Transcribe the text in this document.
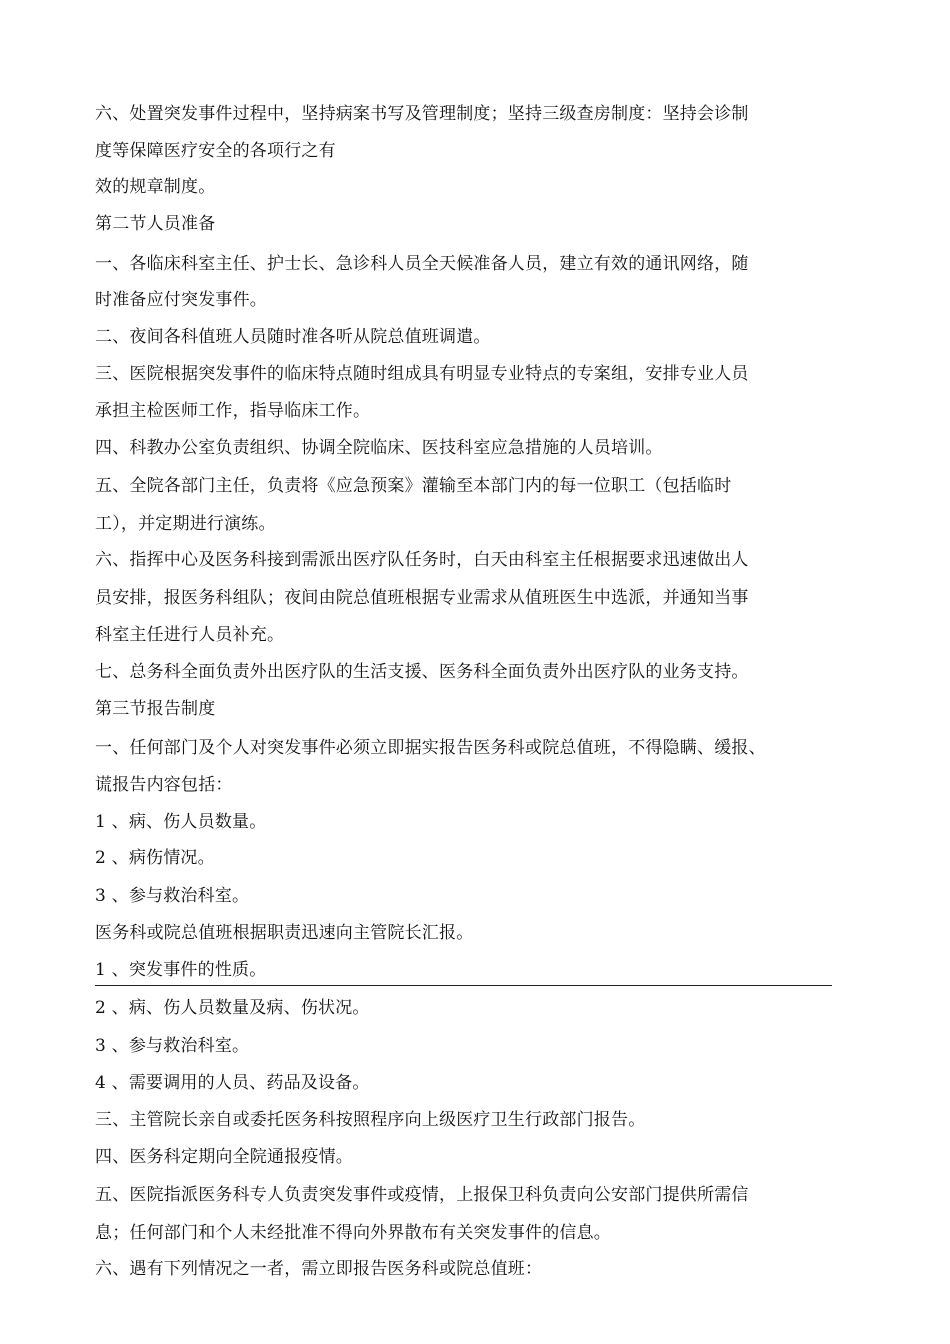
六、处置突发事件过程中，坚持病案书写及管理制度；坚持三级查房制度：坚持会诊制
度等保障医疗安全的各项行之有
效的规章制度。
第二节人员准备
一、各临床科室主任、护士长、急诊科人员全天候准备人员，建立有效的通讯网络，随
时准备应付突发事件。
二、夜间各科值班人员随时准各听从院总值班调遣。
三、医院根据突发事件的临床特点随时组成具有明显专业特点的专案组，安排专业人员
承担主检医师工作，指导临床工作。
四、科教办公室负责组织、协调全院临床、医技科室应急措施的人员培训。
五、全院各部门主任，负责将《应急预案》灌输至本部门内的每一位职工（包括临时
工），并定期进行演练。
六、指挥中心及医务科接到需派出医疗队任务时，白天由科室主任根据要求迅速做出人
员安排，报医务科组队；夜间由院总值班根据专业需求从值班医生中选派，并通知当事
科室主任进行人员补充。
七、总务科全面负责外出医疗队的生活支援、医务科全面负责外出医疗队的业务支持。
第三节报告制度
一、任何部门及个人对突发事件必须立即据实报告医务科或院总值班，不得隐瞒、缓报、
谎报告内容包括：
1 、病、伤人员数量。
2 、病伤情况。
3 、参与救治科室。
医务科或院总值班根据职责迅速向主管院长汇报。
1 、突发事件的性质。
2 、病、伤人员数量及病、伤状况。
3 、参与救治科室。
4 、需要调用的人员、药品及设备。
三、主管院长亲自或委托医务科按照程序向上级医疗卫生行政部门报告。
四、医务科定期向全院通报疫情。
五、医院指派医务科专人负责突发事件或疫情，上报保卫科负责向公安部门提供所需信
息；任何部门和个人未经批准不得向外界散布有关突发事件的信息。
六、遇有下列情况之一者，需立即报告医务科或院总值班：
